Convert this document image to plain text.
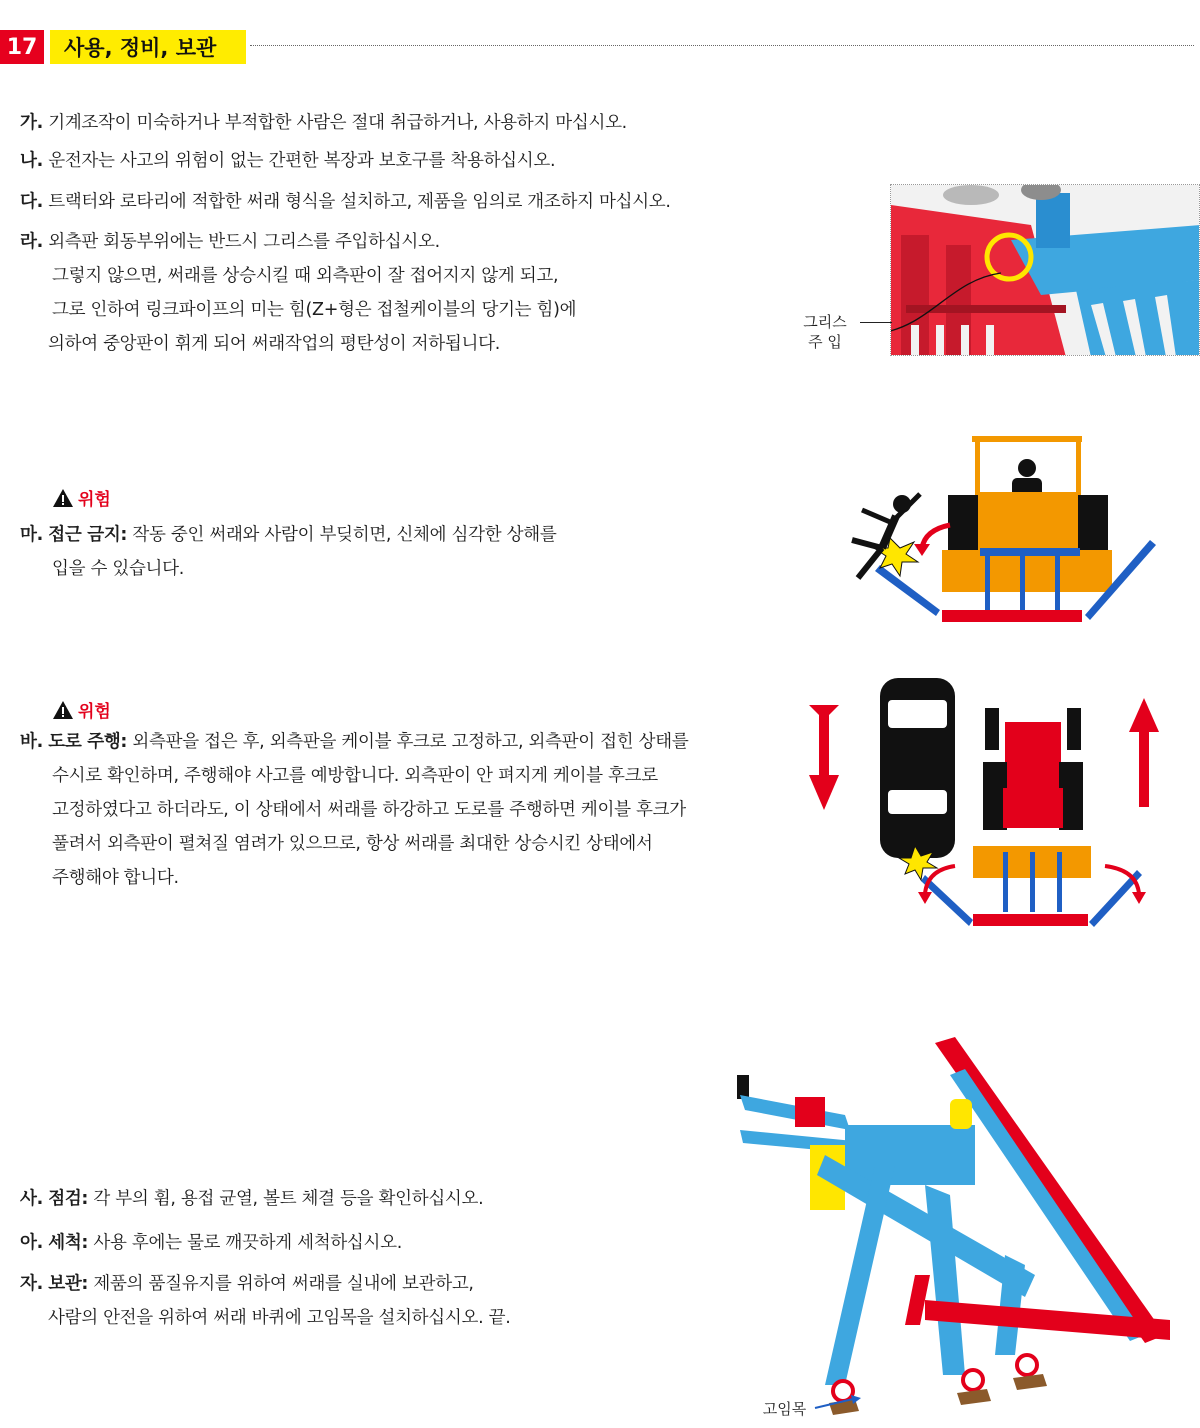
17	사용, 정비, 보관
가. 기계조작이 미숙하거나 부적합한 사람은 절대 취급하거나, 사용하지 마십시오.
나. 운전자는 사고의 위험이 없는 간편한 복장과 보호구를 착용하십시오.
다. 트랙터와 로타리에 적합한 써래 형식을 설치하고, 제품을 임의로 개조하지 마십시오.
라. 외측판 회동부위에는 반드시 그리스를 주입하십시오.
그렇지 않으면, 써래를 상승시킬 때 외측판이 잘 접어지지 않게 되고,
그로 인하여 링크파이프의 미는 힘(Z+형은 접철케이블의 당기는 힘)에
의하여 중앙판이 휘게 되어 써래작업의 평탄성이 저하됩니다.
그리스
주 입
위험
마. 접근 금지: 작동 중인 써래와 사람이 부딪히면, 신체에 심각한 상해를
입을 수 있습니다.
위험
바. 도로 주행: 외측판을 접은 후, 외측판을 케이블 후크로 고정하고, 외측판이 접힌 상태를
수시로 확인하며, 주행해야 사고를 예방합니다. 외측판이 안 펴지게 케이블 후크로
고정하였다고 하더라도, 이 상태에서 써래를 하강하고 도로를 주행하면 케이블 후크가
풀려서 외측판이 펼쳐질 염려가 있으므로, 항상 써래를 최대한 상승시킨 상태에서
주행해야 합니다.
사. 점검: 각 부의 휨, 용접 균열, 볼트 체결 등을 확인하십시오.
아. 세척: 사용 후에는 물로 깨끗하게 세척하십시오.
자. 보관: 제품의 품질유지를 위하여 써래를 실내에 보관하고,
사람의 안전을 위하여 써래 바퀴에 고임목을 설치하십시오. 끝.
고임목
